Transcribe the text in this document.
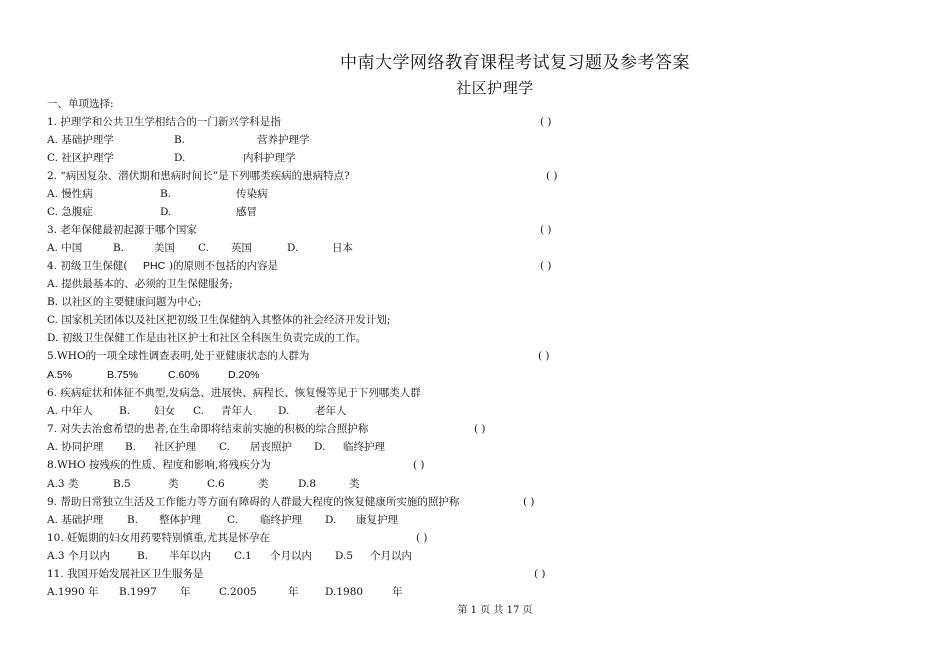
中南大学网络教育课程考试复习题及参考答案
社区护理学
一、单项选择:
1. 护理学和公共卫生学相结合的一门新兴学科是指	( )
A. 基础护理学	B.	营养护理学
C. 社区护理学	D.	内科护理学
2. “病因复杂、潜伏期和患病时间长”是下列哪类疾病的患病特点?	( )
A. 慢性病	B.	传染病
C. 急腹症	D.	感冒
3. 老年保健最初起源于哪个国家	( )
A. 中国	B.	美国 C. 英国	D.	日本
4. 初级卫生保健( PHC )的原则不包括的内容是	( )
A. 提供最基本的、必须的卫生保健服务;
B. 以社区的主要健康问题为中心;
C. 国家机关团体以及社区把初级卫生保健纳入其整体的社会经济开发计划;
D. 初级卫生保健工作是由社区护士和社区全科医生负责完成的工作。
5.WHO的一项全球性调查表明,处于亚健康状态的人群为	( )
A.5%	B.75%	C.60%	D.20%
6. 疾病症状和体征不典型,发病急、进展快、病程长、恢复慢等见于下列哪类人群
A. 中年人 B. 妇女 C. 青年人 D. 老年人
7. 对失去治愈希望的患者,在生命即将结束前实施的积极的综合照护称	( )
A. 协同护理 B. 社区护理 C. 居丧照护 D. 临终护理
8.WHO 按残疾的性质、程度和影响,将残疾分为	( )
A.3 类	B.5	类	C.6	类	D.8	类
9. 帮助日常独立生活及工作能力等方面有障碍的人群最大程度的恢复健康所实施的照护称	( )
A. 基础护理 B. 整体护理 C. 临终护理 D. 康复护理
10. 妊娠期的妇女用药要特别慎重,尤其是怀孕在	( )
A.3 个月以内	B. 半年以内 C.1 个月以内 D.5 个月以内
11. 我国开始发展社区卫生服务是	( )
A.1990 年 B.1997 年	C.2005	年	D.1980	年
第 1 页 共 17 页
